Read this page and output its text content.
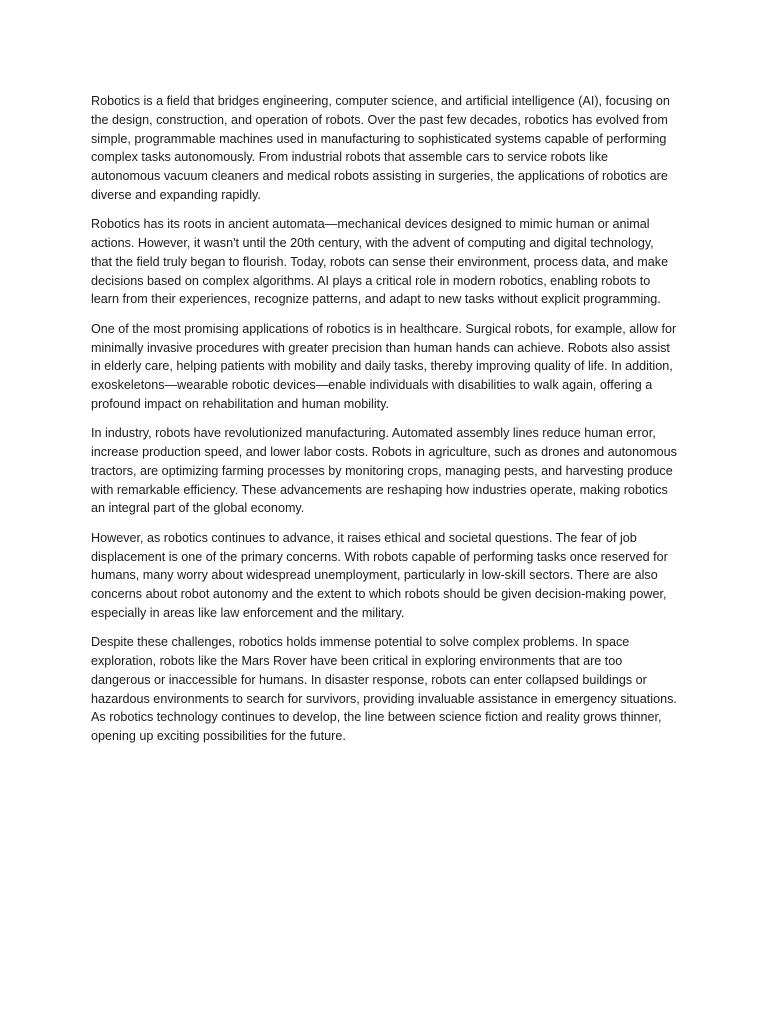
Robotics is a field that bridges engineering, computer science, and artificial intelligence (AI), focusing on the design, construction, and operation of robots. Over the past few decades, robotics has evolved from simple, programmable machines used in manufacturing to sophisticated systems capable of performing complex tasks autonomously. From industrial robots that assemble cars to service robots like autonomous vacuum cleaners and medical robots assisting in surgeries, the applications of robotics are diverse and expanding rapidly.

Robotics has its roots in ancient automata—mechanical devices designed to mimic human or animal actions. However, it wasn't until the 20th century, with the advent of computing and digital technology, that the field truly began to flourish. Today, robots can sense their environment, process data, and make decisions based on complex algorithms. AI plays a critical role in modern robotics, enabling robots to learn from their experiences, recognize patterns, and adapt to new tasks without explicit programming.

One of the most promising applications of robotics is in healthcare. Surgical robots, for example, allow for minimally invasive procedures with greater precision than human hands can achieve. Robots also assist in elderly care, helping patients with mobility and daily tasks, thereby improving quality of life. In addition, exoskeletons—wearable robotic devices—enable individuals with disabilities to walk again, offering a profound impact on rehabilitation and human mobility.

In industry, robots have revolutionized manufacturing. Automated assembly lines reduce human error, increase production speed, and lower labor costs. Robots in agriculture, such as drones and autonomous tractors, are optimizing farming processes by monitoring crops, managing pests, and harvesting produce with remarkable efficiency. These advancements are reshaping how industries operate, making robotics an integral part of the global economy.

However, as robotics continues to advance, it raises ethical and societal questions. The fear of job displacement is one of the primary concerns. With robots capable of performing tasks once reserved for humans, many worry about widespread unemployment, particularly in low-skill sectors. There are also concerns about robot autonomy and the extent to which robots should be given decision-making power, especially in areas like law enforcement and the military.

Despite these challenges, robotics holds immense potential to solve complex problems. In space exploration, robots like the Mars Rover have been critical in exploring environments that are too dangerous or inaccessible for humans. In disaster response, robots can enter collapsed buildings or hazardous environments to search for survivors, providing invaluable assistance in emergency situations. As robotics technology continues to develop, the line between science fiction and reality grows thinner, opening up exciting possibilities for the future.
